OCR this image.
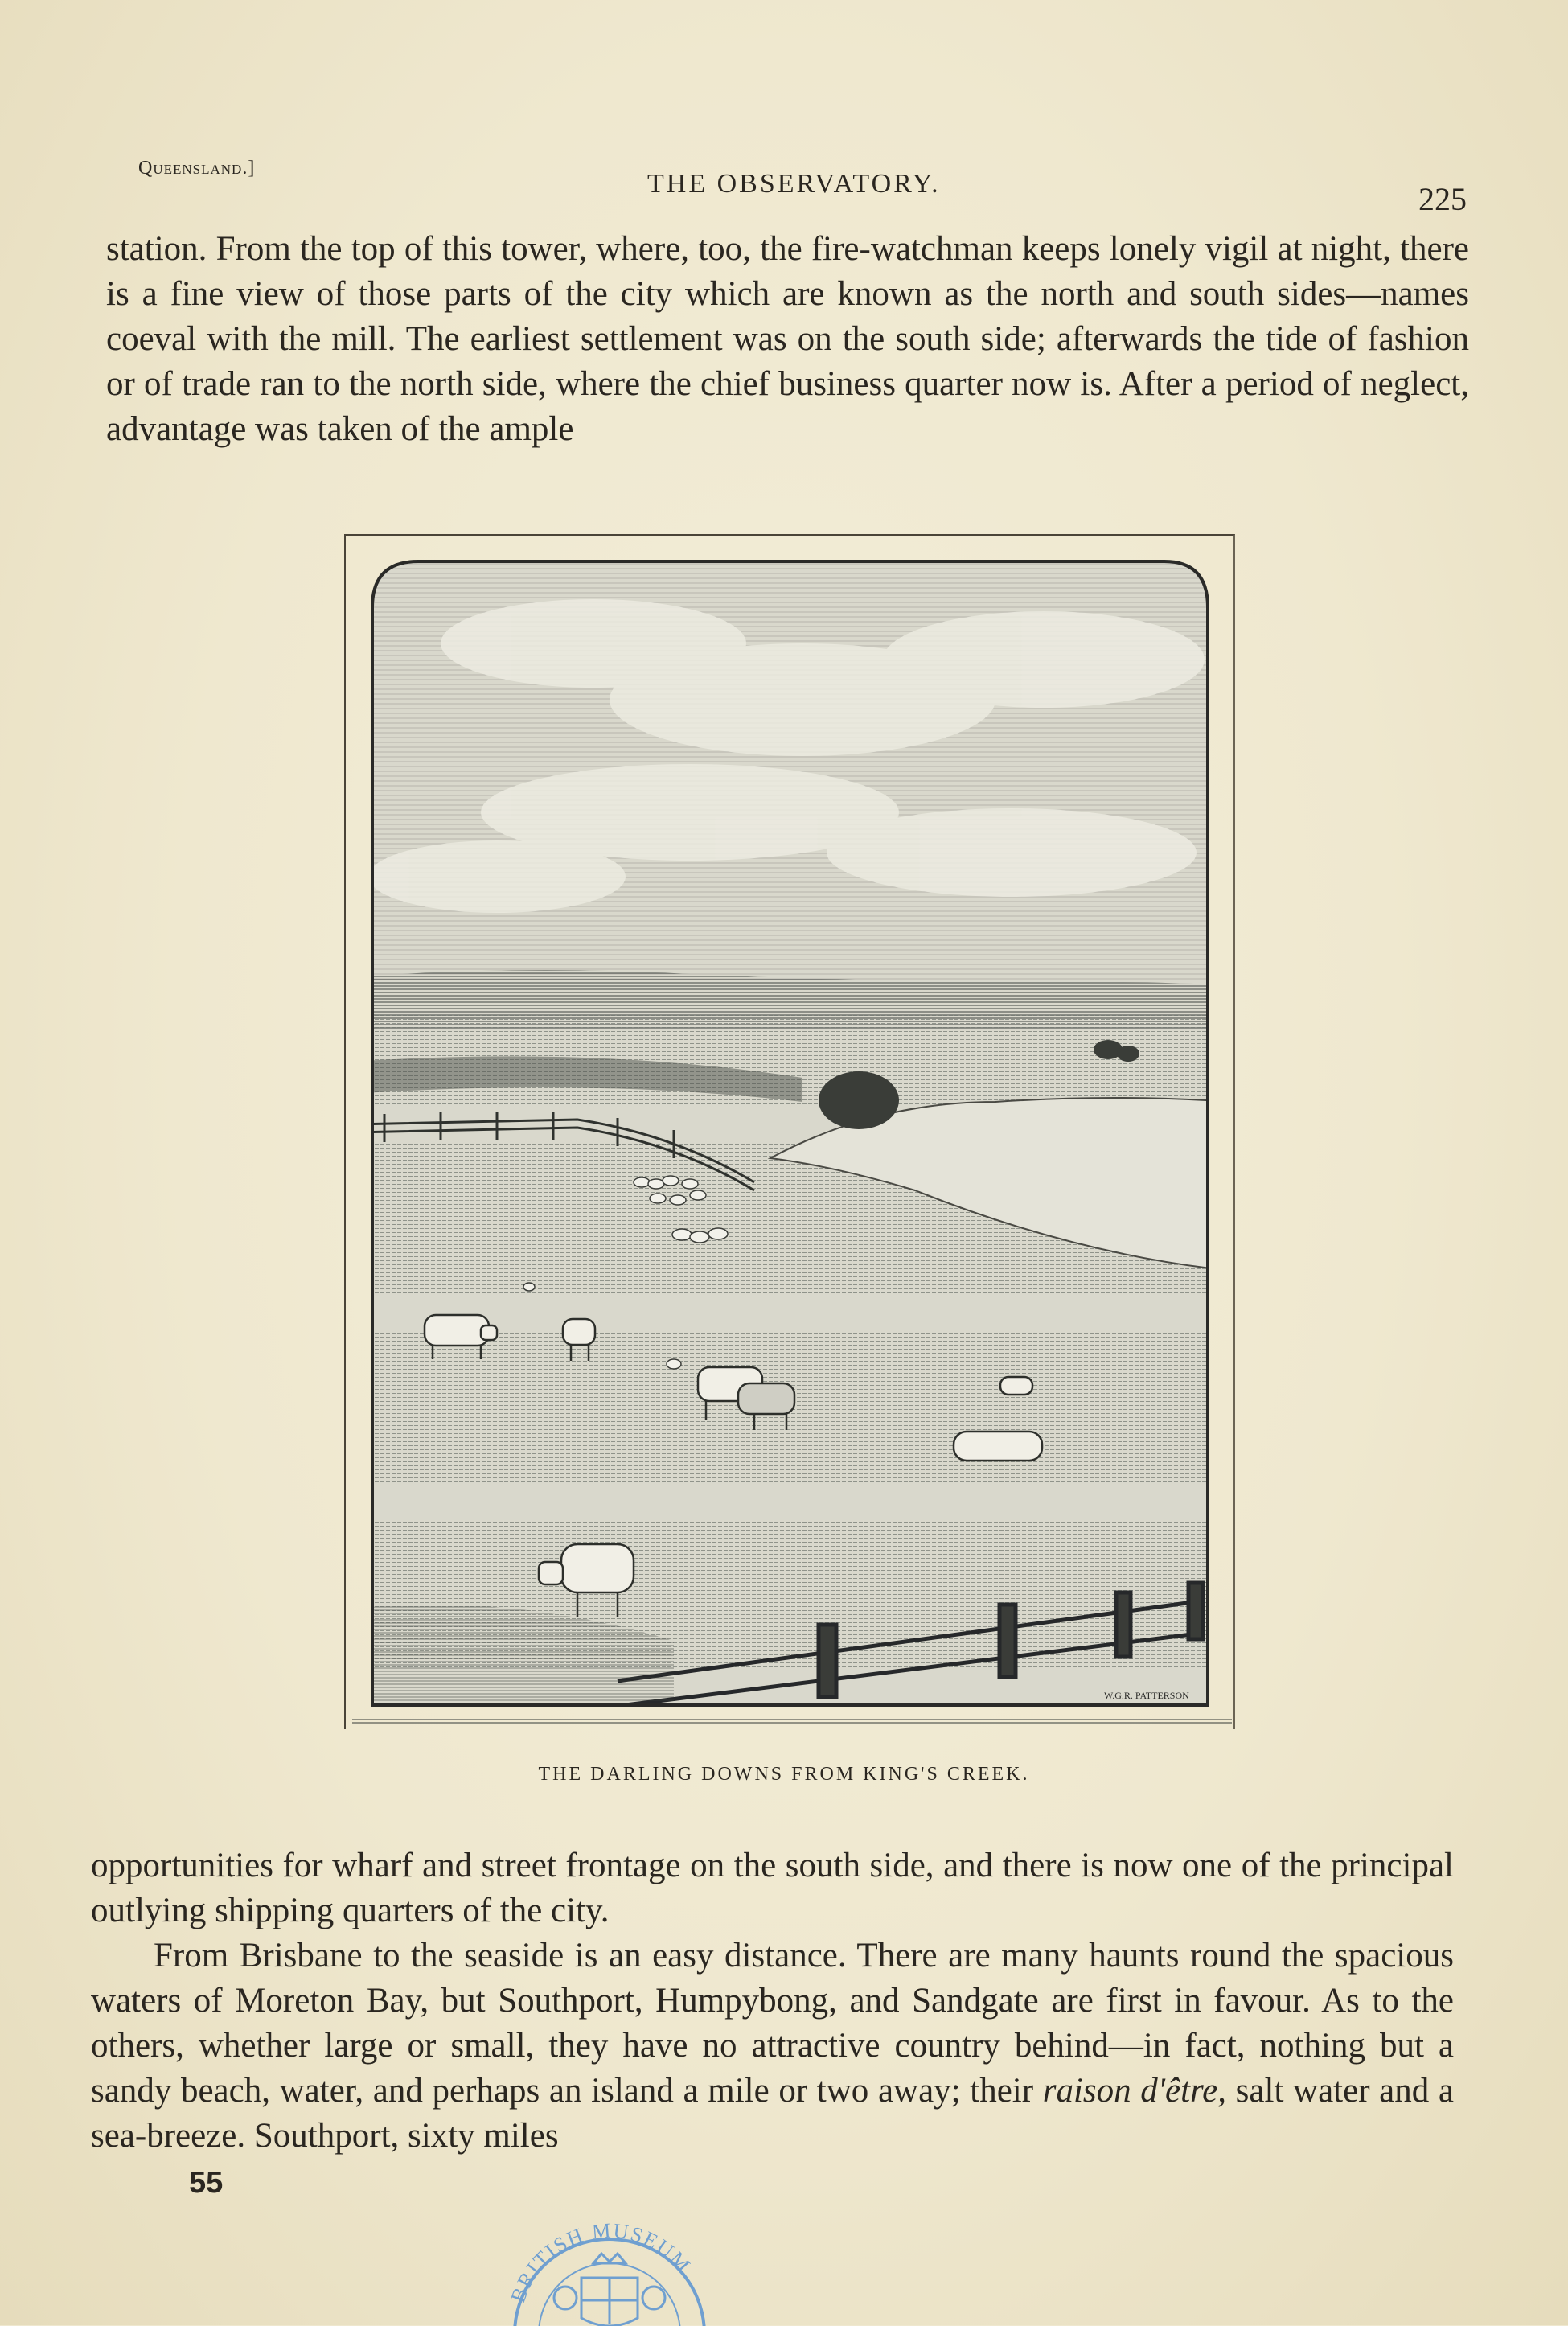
Queensland.]
THE OBSERVATORY.	225

station. From the top of this tower, where, too, the fire-watchman keeps lonely vigil at night, there is a fine view of those parts of the city which are known as the north and south sides—names coeval with the mill. The earliest settlement was on the south side; afterwards the tide of fashion or of trade ran to the north side, where the chief business quarter now is. After a period of neglect, advantage was taken of the ample

W.G.R. PATTERSON
THE DARLING DOWNS FROM KING'S CREEK.

opportunities for wharf and street frontage on the south side, and there is now one of the principal outlying shipping quarters of the city.

From Brisbane to the seaside is an easy distance. There are many haunts round the spacious waters of Moreton Bay, but Southport, Humpybong, and Sandgate are first in favour. As to the others, whether large or small, they have no attractive country behind—in fact, nothing but a sandy beach, water, and perhaps an island a mile or two away; their raison d'être, salt water and a sea-breeze. Southport, sixty miles

55
BRITISH MUSEUM
